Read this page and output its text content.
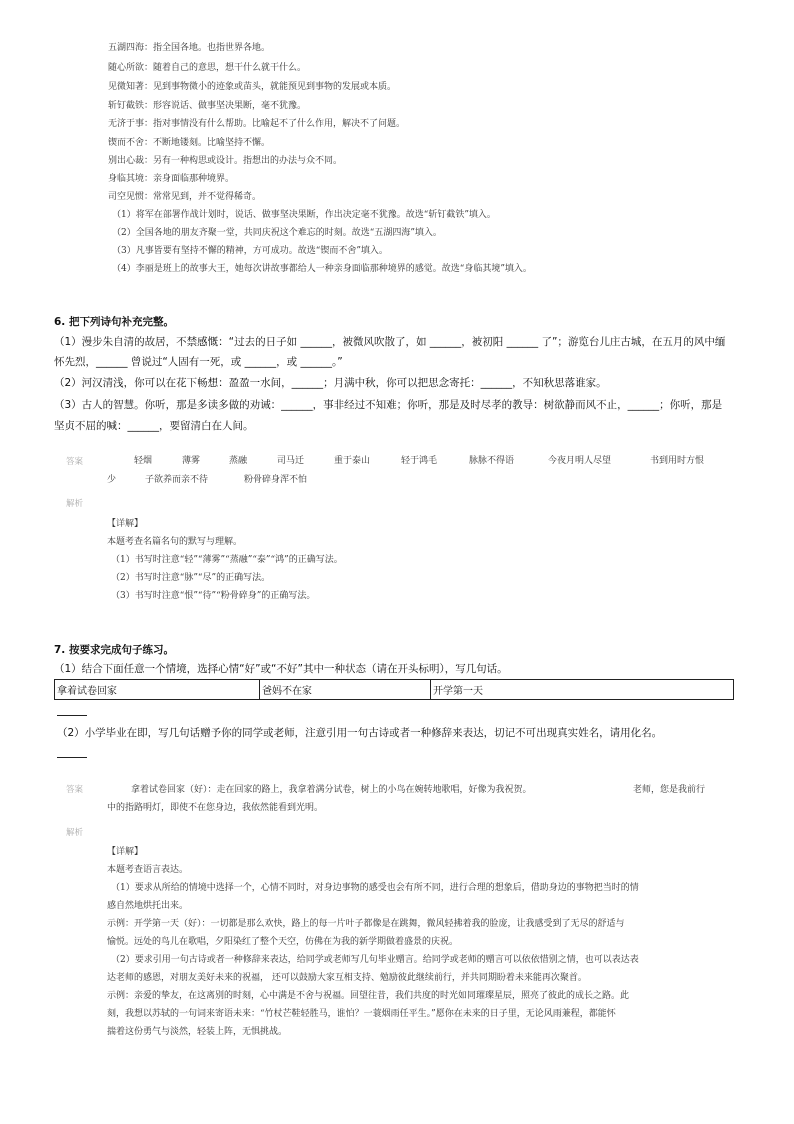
五湖四海：指全国各地。也指世界各地。
随心所欲：随着自己的意思，想干什么就干什么。
见微知著：见到事物微小的迹象或苗头，就能预见到事物的发展或本质。
斩钉截铁：形容说话、做事坚决果断，毫不犹豫。
无济于事：指对事情没有什么帮助。比喻起不了什么作用，解决不了问题。
锲而不舍：不断地镂刻。比喻坚持不懈。
别出心裁：另有一种构思或设计。指想出的办法与众不同。
身临其境：亲身面临那种境界。
司空见惯：常常见到，并不觉得稀奇。
（1）将军在部署作战计划时，说话、做事坚决果断，作出决定毫不犹豫。故选“斩钉截铁”填入。
（2）全国各地的朋友齐聚一堂，共同庆祝这个难忘的时刻。故选“五湖四海”填入。
（3）凡事皆要有坚持不懈的精神，方可成功。故选“锲而不舍”填入。
（4）李丽是班上的故事大王，她每次讲故事都给人一种亲身面临那种境界的感觉。故选“身临其境”填入。
6. 把下列诗句补充完整。
（1）漫步朱自清的故居，不禁感慨：“过去的日子如 ______，被微风吹散了，如 ______，被初阳 ______ 了”；游览台儿庄古城，在五月的风中缅
怀先烈，______ 曾说过“人固有一死，或 ______，或 ______。”
（2）河汉清浅，你可以在花下畅想：盈盈一水间，______；月满中秋，你可以把思念寄托：______，不知秋思落谁家。
（3）古人的智慧。你听，那是多读多做的劝诫：______，事非经过不知难；你听，那是及时尽孝的教导：树欲静而风不止，______；你听，那是
坚贞不屈的喊：______，要留清白在人间。
答案	轻烟	薄雾	蒸融	司马迁	重于泰山	轻于鸿毛	脉脉不得语	今夜月明人尽望	书到用时方恨
少	子欲养而亲不待	粉骨碎身浑不怕
解析
【详解】
本题考查名篇名句的默写与理解。
（1）书写时注意“轻”“薄雾”“蒸融”“泰”“鸿”的正确写法。
（2）书写时注意“脉”“尽”的正确写法。
（3）书写时注意“恨”“待”“粉骨碎身”的正确写法。
7. 按要求完成句子练习。
（1）结合下面任意一个情境，选择心情“好”或“不好”其中一种状态（请在开头标明），写几句话。
拿着试卷回家	爸妈不在家	开学第一天
（2）小学毕业在即，写几句话赠予你的同学或老师，注意引用一句古诗或者一种修辞来表达，切记不可出现真实姓名，请用化名。
答案	拿着试卷回家（好）：走在回家的路上，我拿着满分试卷，树上的小鸟在婉转地歌唱，好像为我祝贺。	老师，您是我前行
中的指路明灯，即使不在您身边，我依然能看到光明。
解析
【详解】
本题考查语言表达。
（1）要求从所给的情境中选择一个，心情不同时，对身边事物的感受也会有所不同，进行合理的想象后，借助身边的事物把当时的情
感自然地烘托出来。
示例：开学第一天（好）：一切都是那么欢快，路上的每一片叶子都像是在跳舞，微风轻拂着我的脸庞，让我感受到了无尽的舒适与
愉悦。远处的鸟儿在歌唱，夕阳染红了整个天空，仿佛在为我的新学期做着盛景的庆祝。
（2）要求引用一句古诗或者一种修辞来表达，给同学或老师写几句毕业赠言。给同学或老师的赠言可以依依惜别之情，也可以表达表
达老师的感恩，对朋友美好未来的祝福， 还可以鼓励大家互相支持、勉励彼此继续前行，并共同期盼着未来能再次聚首。
示例：亲爱的挚友，在这离别的时刻，心中满是不舍与祝福。回望往昔，我们共度的时光如同璀璨星辰，照亮了彼此的成长之路。此
刻，我想以苏轼的一句词来寄语未来：“竹杖芒鞋轻胜马，谁怕？一蓑烟雨任平生。”愿你在未来的日子里，无论风雨兼程，都能怀
揣着这份勇气与淡然，轻装上阵，无惧挑战。
